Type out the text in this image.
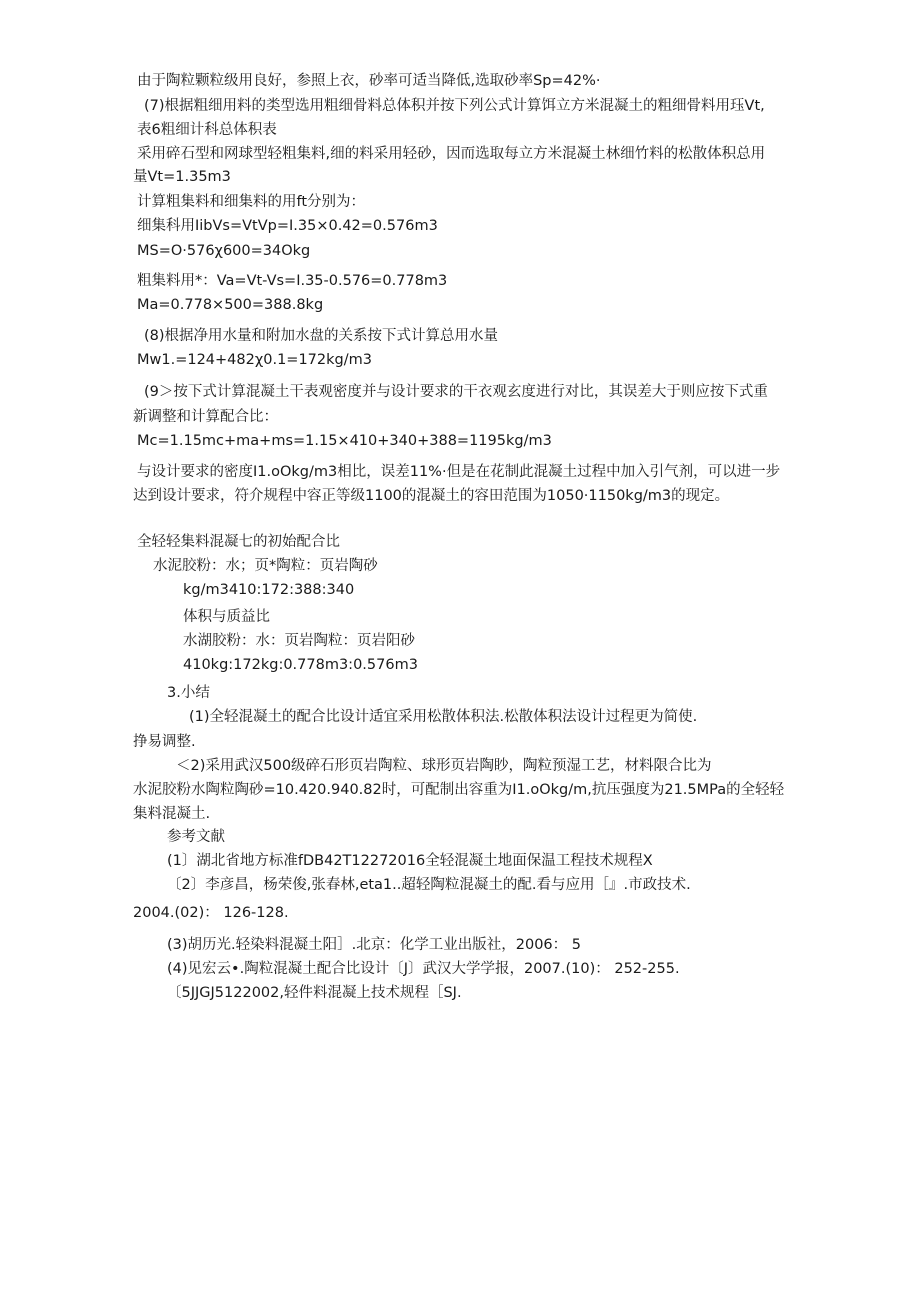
由于陶粒颗粒级用良好，参照上衣，砂率可适当降低,选取砂率Sp=42%·
(7)根据粗细用料的类型选用粗细骨料总体积并按下列公式计算饵立方米混凝土的粗细骨料用珏Vt,
表6粗细计科总体积表
采用碎石型和网球型轻粗集料,细的料采用轻砂，因而选取每立方米混凝土林细竹料的松散体积总用
量Vt=1.35m3
计算粗集料和细集料的用ft分别为：
细集科用IibVs=VtVp=I.35×0.42=0.576m3
MS=O·576χ600=34Okg
粗集料用*：Va=Vt-Vs=I.35-0.576=0.778m3
Ma=0.778×500=388.8kg
(8)根据净用水量和附加水盘的关系按下式计算总用水量
Mw1.=124+482χ0.1=172kg∕m3
(9＞按下式计算混凝土干表观密度并与设计要求的干衣观玄度进行对比，其误差大于则应按下式重
新调整和计算配合比：
Mc=1.15mc+ma+ms=1.15×410+340+388=1195kg∕m3
与设计要求的密度I1.oOkg/m3相比，误差11%·但是在花制此混凝土过程中加入引气剂，可以进一步
达到设计要求，符介规程中容正等级1100的混凝土的容田范围为1050·1150kg∕m3的现定。
全轻轻集料混凝七的初始配合比
水泥胶粉：水；页*陶粒：页岩陶砂
kg∕m3410:172:388:340
体积与质益比
水湖胶粉：水：页岩陶粒：页岩阳砂
410kg:172kg:0.778m3:0.576m3
3.小结
(1)全轻混凝土的配合比设计适宜采用松散体积法.松散体积法设计过程更为简使.
挣易调整.
＜2)采用武汉500级碎石形页岩陶粒、球形页岩陶眇，陶粒预湿工艺，材料限合比为
水泥胶粉水陶粒陶砂=10.420.940.82时，可配制出容重为I1.oOkg/m,抗压强度为21.5MPa的全轻轻
集料混凝土.
参考文献
(1〕湖北省地方标准fDB42T12272016全轻混凝土地面保温工程技术规程X
〔2〕李彦昌，杨荣俊,张春林,eta1..超轻陶粒混凝土的配.看与应用［』.市政技术.
2004.(02)： 126-128.
(3)胡历光.轻染料混凝土阳］.北京：化学工业出版社，2006： 5
(4)见宏云•.陶粒混凝土配合比设计〔J〕武汉大学学报，2007.(10)： 252-255.
〔5JJGJ5122002,轻件料混凝上技术规程［SJ.
